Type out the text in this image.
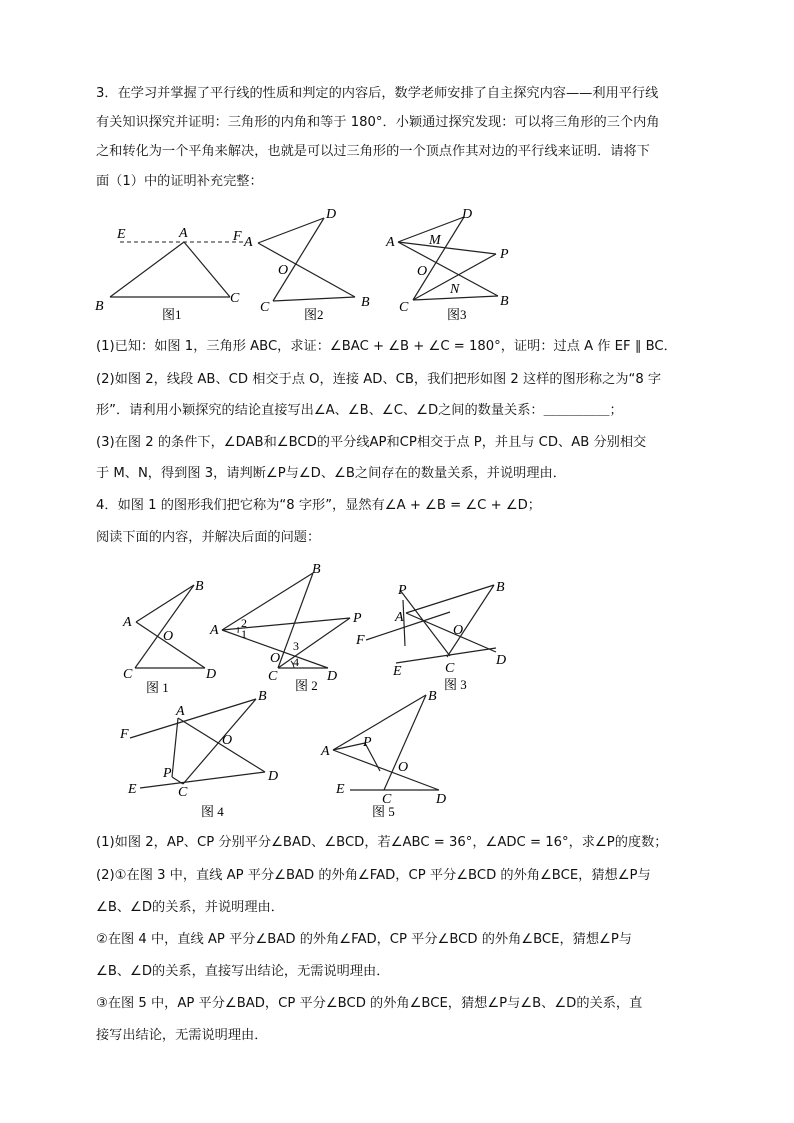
3．在学习并掌握了平行线的性质和判定的内容后，数学老师安排了自主探究内容——利用平行线
有关知识探究并证明：三角形的内角和等于 180°．小颖通过探究发现：可以将三角形的三个内角
之和转化为一个平角来解决，也就是可以过三角形的一个顶点作其对边的平行线来证明．请将下
面（1）中的证明补充完整：
E	A	F
B
C
图1
D
A
O
C	B
图2
D
A M
P
O
N
C	B
图3
(1)已知：如图 1，三角形 ABC，求证：∠BAC + ∠B + ∠C = 180°，证明：过点 A 作 EF ∥ BC．
(2)如图 2，线段 AB、CD 相交于点 O，连接 AD、CB，我们把形如图 2 这样的图形称之为“8 字
形”．请利用小颖探究的结论直接写出∠A、∠B、∠C、∠D之间的数量关系：＿＿＿＿＿；
(3)在图 2 的条件下，∠DAB和∠BCD的平分线AP和CP相交于点 P，并且与 CD、AB 分别相交
于 M、N，得到图 3，请判断∠P与∠D、∠B之间存在的数量关系，并说明理由．
4．如图 1 的图形我们把它称为“8 字形”，显然有∠A + ∠B = ∠C + ∠D；
阅读下面的内容，并解决后面的问题：
B
A
O
C	D
图 1
B
A
P
2
1
3
O 4
C	D
图 2
P	B
A
F
O
C
D
E
图 3
A
B
F	O
P
C
D
E
图 4
B
A
P
O
E
C	D
图 5
(1)如图 2，AP、CP 分别平分∠BAD、∠BCD，若∠ABC = 36°，∠ADC = 16°，求∠P的度数；
(2)①在图 3 中，直线 AP 平分∠BAD 的外角∠FAD，CP 平分∠BCD 的外角∠BCE，猜想∠P与
∠B、∠D的关系，并说明理由．
②在图 4 中，直线 AP 平分∠BAD 的外角∠FAD，CP 平分∠BCD 的外角∠BCE，猜想∠P与
∠B、∠D的关系，直接写出结论，无需说明理由．
③在图 5 中，AP 平分∠BAD，CP 平分∠BCD 的外角∠BCE，猜想∠P与∠B、∠D的关系，直
接写出结论，无需说明理由．
